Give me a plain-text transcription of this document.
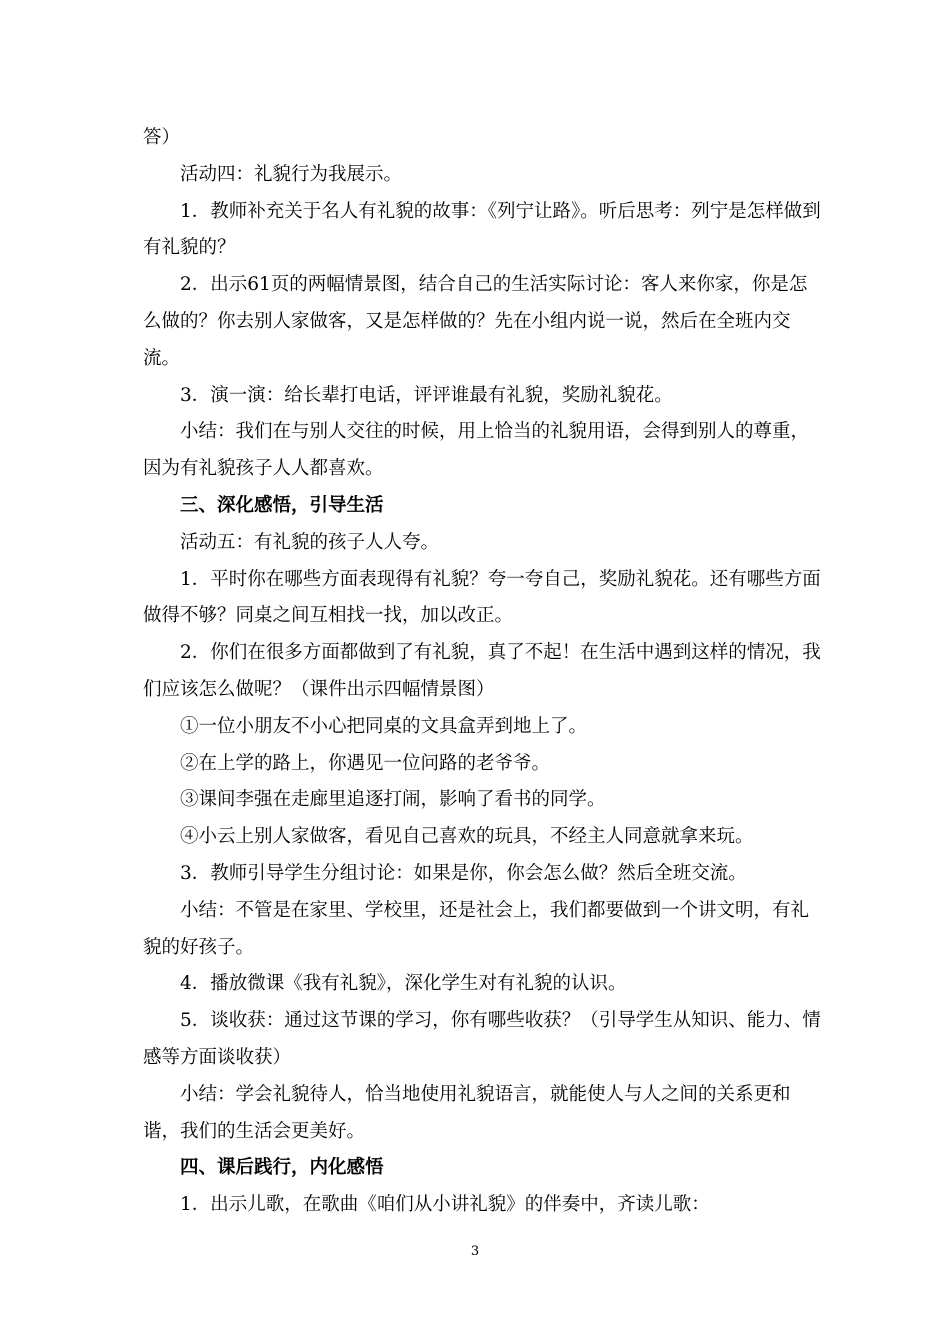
答）

活动四：礼貌行为我展示。

1．教师补充关于名人有礼貌的故事：《列宁让路》。听后思考：列宁是怎样做到有礼貌的？

2．出示61页的两幅情景图，结合自己的生活实际讨论：客人来你家，你是怎么做的？你去别人家做客，又是怎样做的？先在小组内说一说，然后在全班内交流。

3．演一演：给长辈打电话，评评谁最有礼貌，奖励礼貌花。

小结：我们在与别人交往的时候，用上恰当的礼貌用语，会得到别人的尊重，因为有礼貌孩子人人都喜欢。

三、深化感悟，引导生活

活动五：有礼貌的孩子人人夸。

1．平时你在哪些方面表现得有礼貌？夸一夸自己，奖励礼貌花。还有哪些方面做得不够？同桌之间互相找一找，加以改正。

2．你们在很多方面都做到了有礼貌，真了不起！在生活中遇到这样的情况，我们应该怎么做呢？（课件出示四幅情景图）

①一位小朋友不小心把同桌的文具盒弄到地上了。

②在上学的路上，你遇见一位问路的老爷爷。

③课间李强在走廊里追逐打闹，影响了看书的同学。

④小云上别人家做客，看见自己喜欢的玩具，不经主人同意就拿来玩。

3．教师引导学生分组讨论：如果是你，你会怎么做？然后全班交流。

小结：不管是在家里、学校里，还是社会上，我们都要做到一个讲文明，有礼貌的好孩子。

4．播放微课《我有礼貌》，深化学生对有礼貌的认识。

5．谈收获：通过这节课的学习，你有哪些收获？（引导学生从知识、能力、情感等方面谈收获）

小结：学会礼貌待人，恰当地使用礼貌语言，就能使人与人之间的关系更和谐，我们的生活会更美好。

四、课后践行，内化感悟

1．出示儿歌，在歌曲《咱们从小讲礼貌》的伴奏中，齐读儿歌：

3
